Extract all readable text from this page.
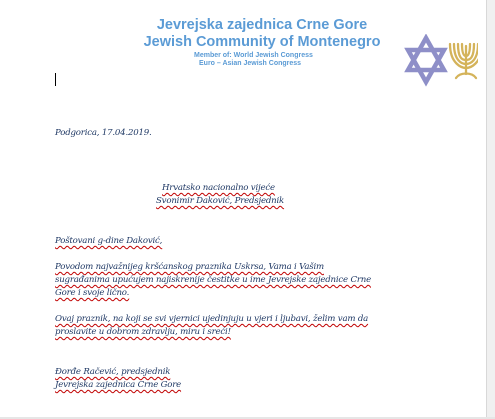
Jevrejska zajednica Crne Gore
Jewish Community of Montenegro
Member of: World Jewish Congress
Euro – Asian Jewish Congress
Podgorica, 17.04.2019.
Hrvatsko nacionalno vijeće
Svonimir Daković, Predsjednik
Poštovani g-dine Daković,
Povodom najvažnijeg kršćanskog praznika Uskrsa, Vama i Vašim
sugrađanima upućujem najiskrenije čestitke u ime Jevrejske zajednice Crne
Gore i svoje lično.
Ovaj praznik, na koji se svi vjernici ujedinjuju u vjeri i ljubavi, želim vam da
proslavite u dobrom zdravlju, miru i sreći!
Đorđe Račević, predsjednik
Jevrejska zajednica Crne Gore
